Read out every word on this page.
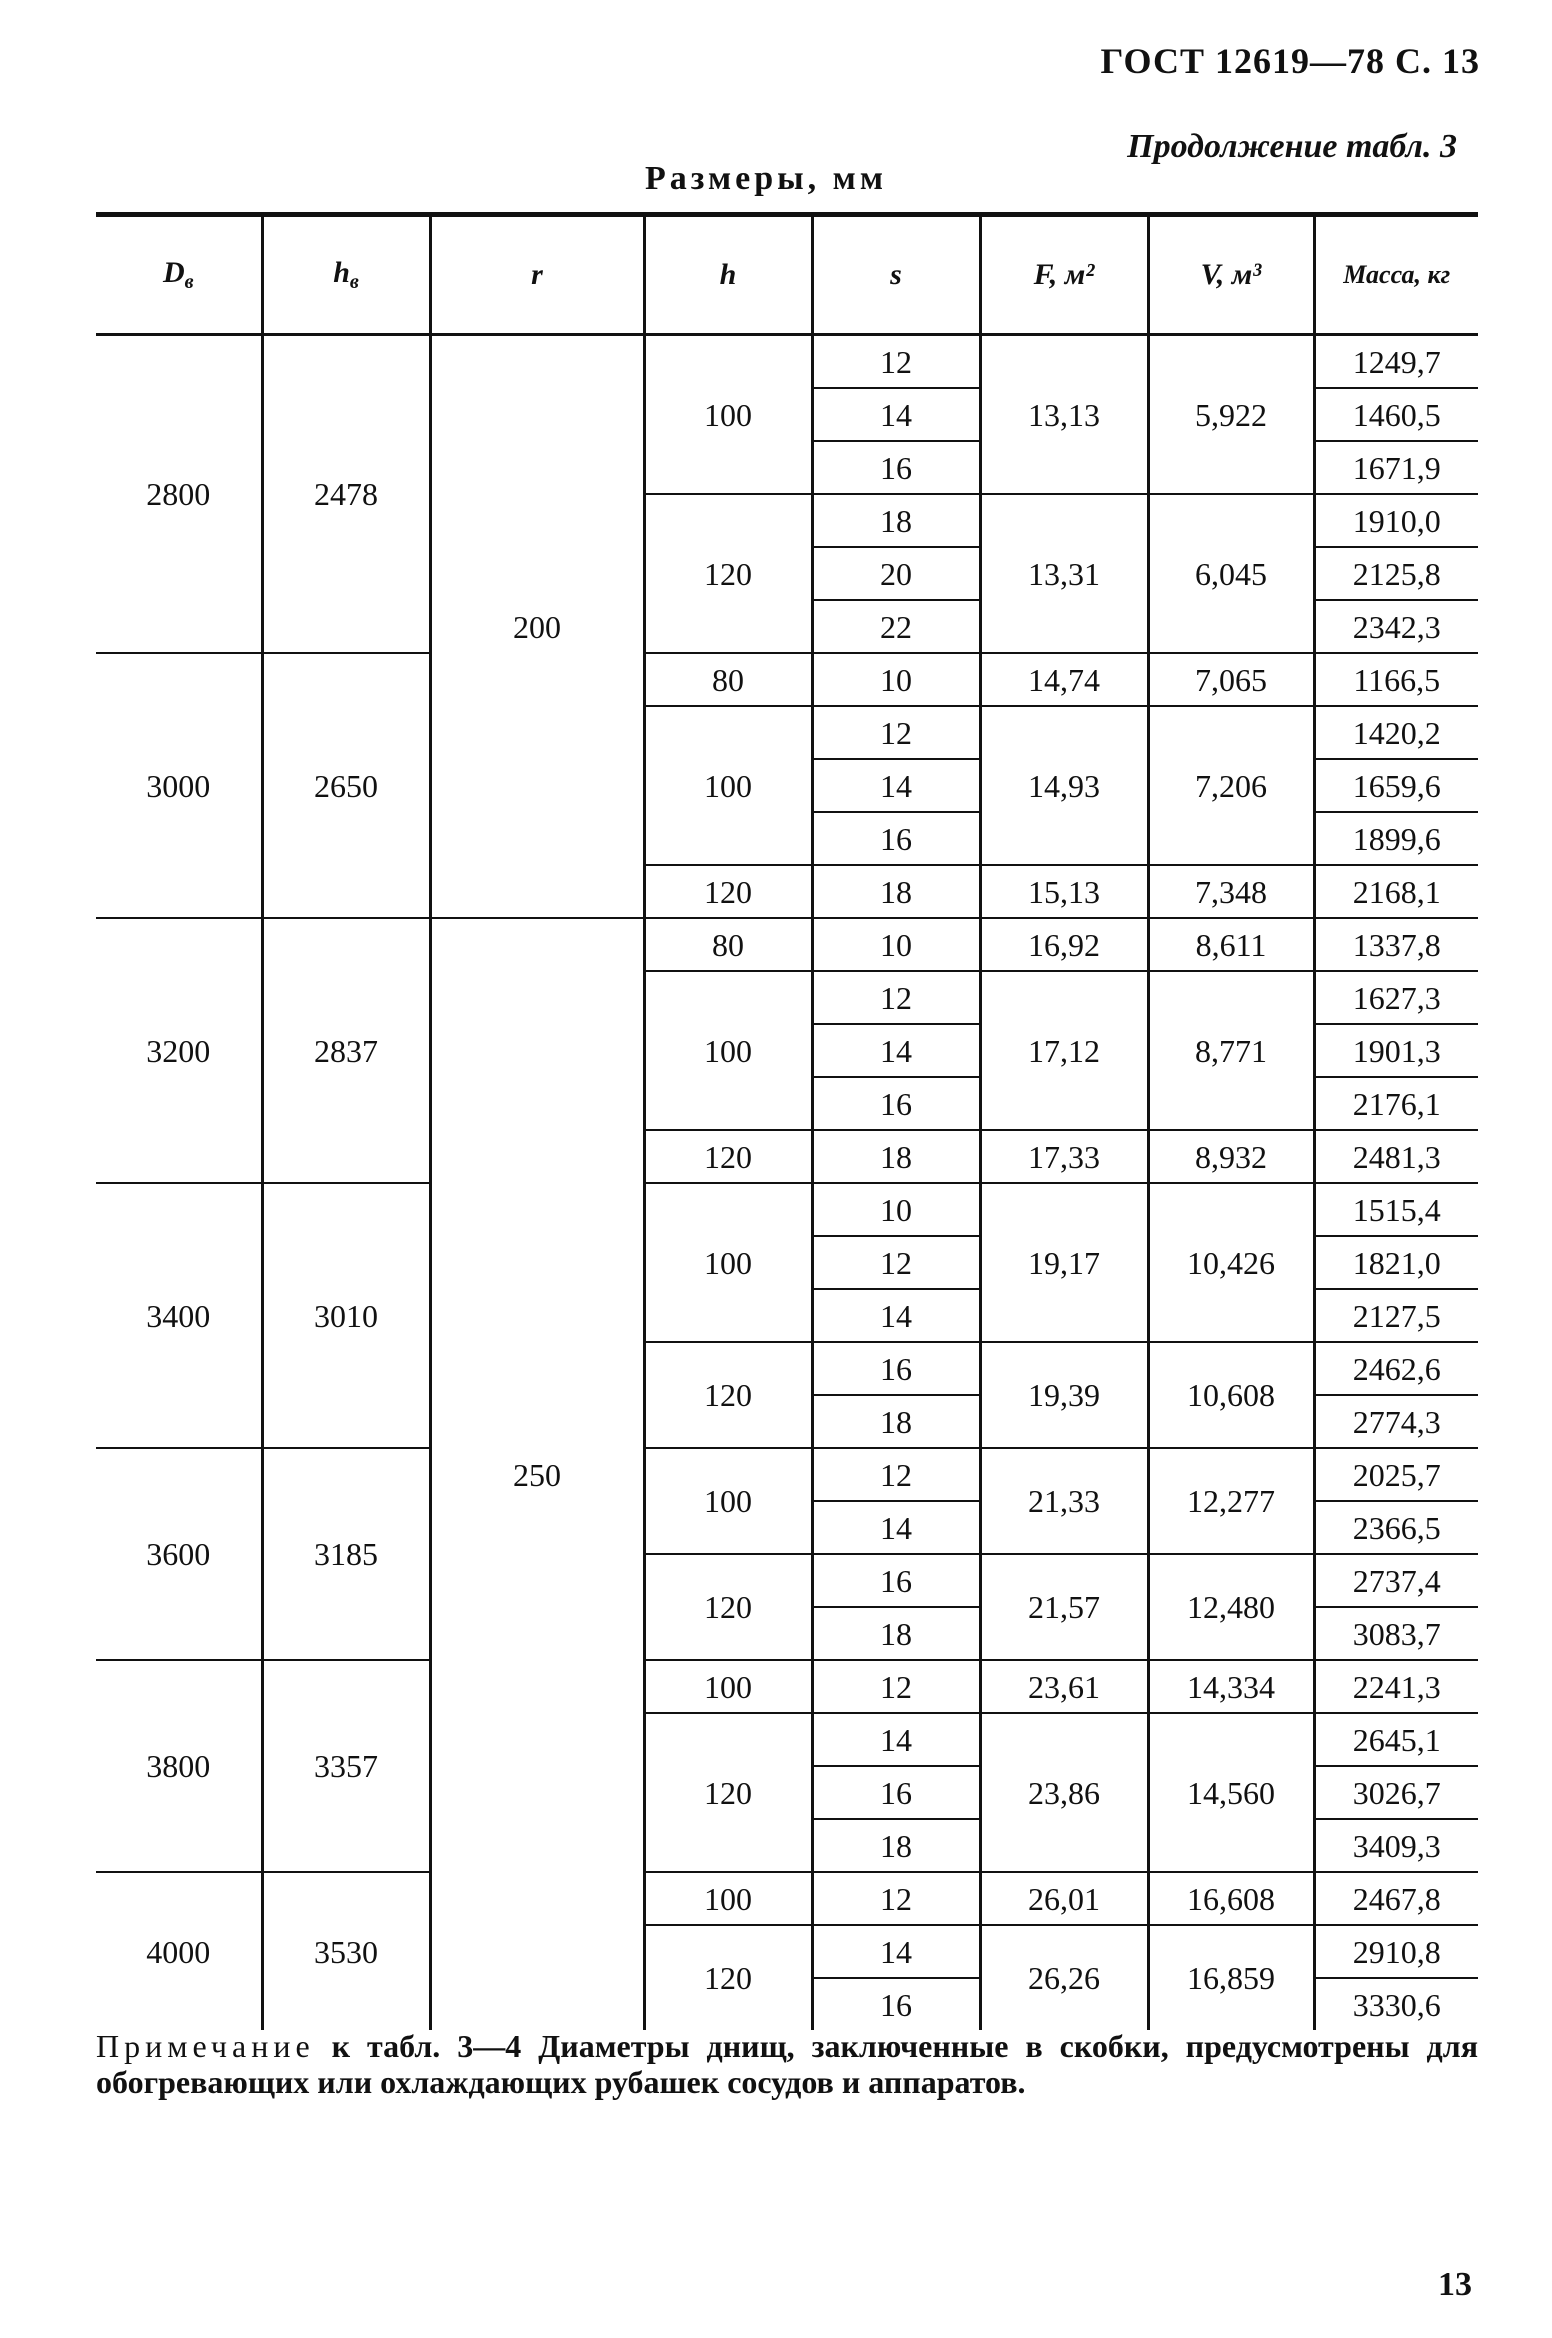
ГОСТ 12619—78 С. 13
Продолжение табл. 3
Размеры, мм
$D_в$	$h_в$	r	h	s	F, м²	V, м³	Масса, кг

2800	2478	200	100	12	13,13	5,922	1249,7
				14			1460,5
				16			1671,9
			120	18	13,31	6,045	1910,0
				20			2125,8
				22			2342,3
3000	2650		80	10	14,74	7,065	1166,5
			100	12	14,93	7,206	1420,2
				14			1659,6
				16			1899,6
			120	18	15,13	7,348	2168,1
3200	2837	250	80	10	16,92	8,611	1337,8
			100	12	17,12	8,771	1627,3
				14			1901,3
				16			2176,1
			120	18	17,33	8,932	2481,3
3400	3010		100	10	19,17	10,426	1515,4
				12			1821,0
				14			2127,5
			120	16	19,39	10,608	2462,6
				18			2774,3
3600	3185		100	12	21,33	12,277	2025,7
				14			2366,5
			120	16	21,57	12,480	2737,4
				18			3083,7
3800	3357		100	12	23,61	14,334	2241,3
			120	14	23,86	14,560	2645,1
				16			3026,7
				18			3409,3
4000	3530		100	12	26,01	16,608	2467,8
			120	14	26,26	16,859	2910,8
				16			3330,6
Примечание к табл. 3—4 Диаметры днищ, заключенные в скобки, предусмотрены для обогревающих или охлаждающих рубашек сосудов и аппаратов.
13
